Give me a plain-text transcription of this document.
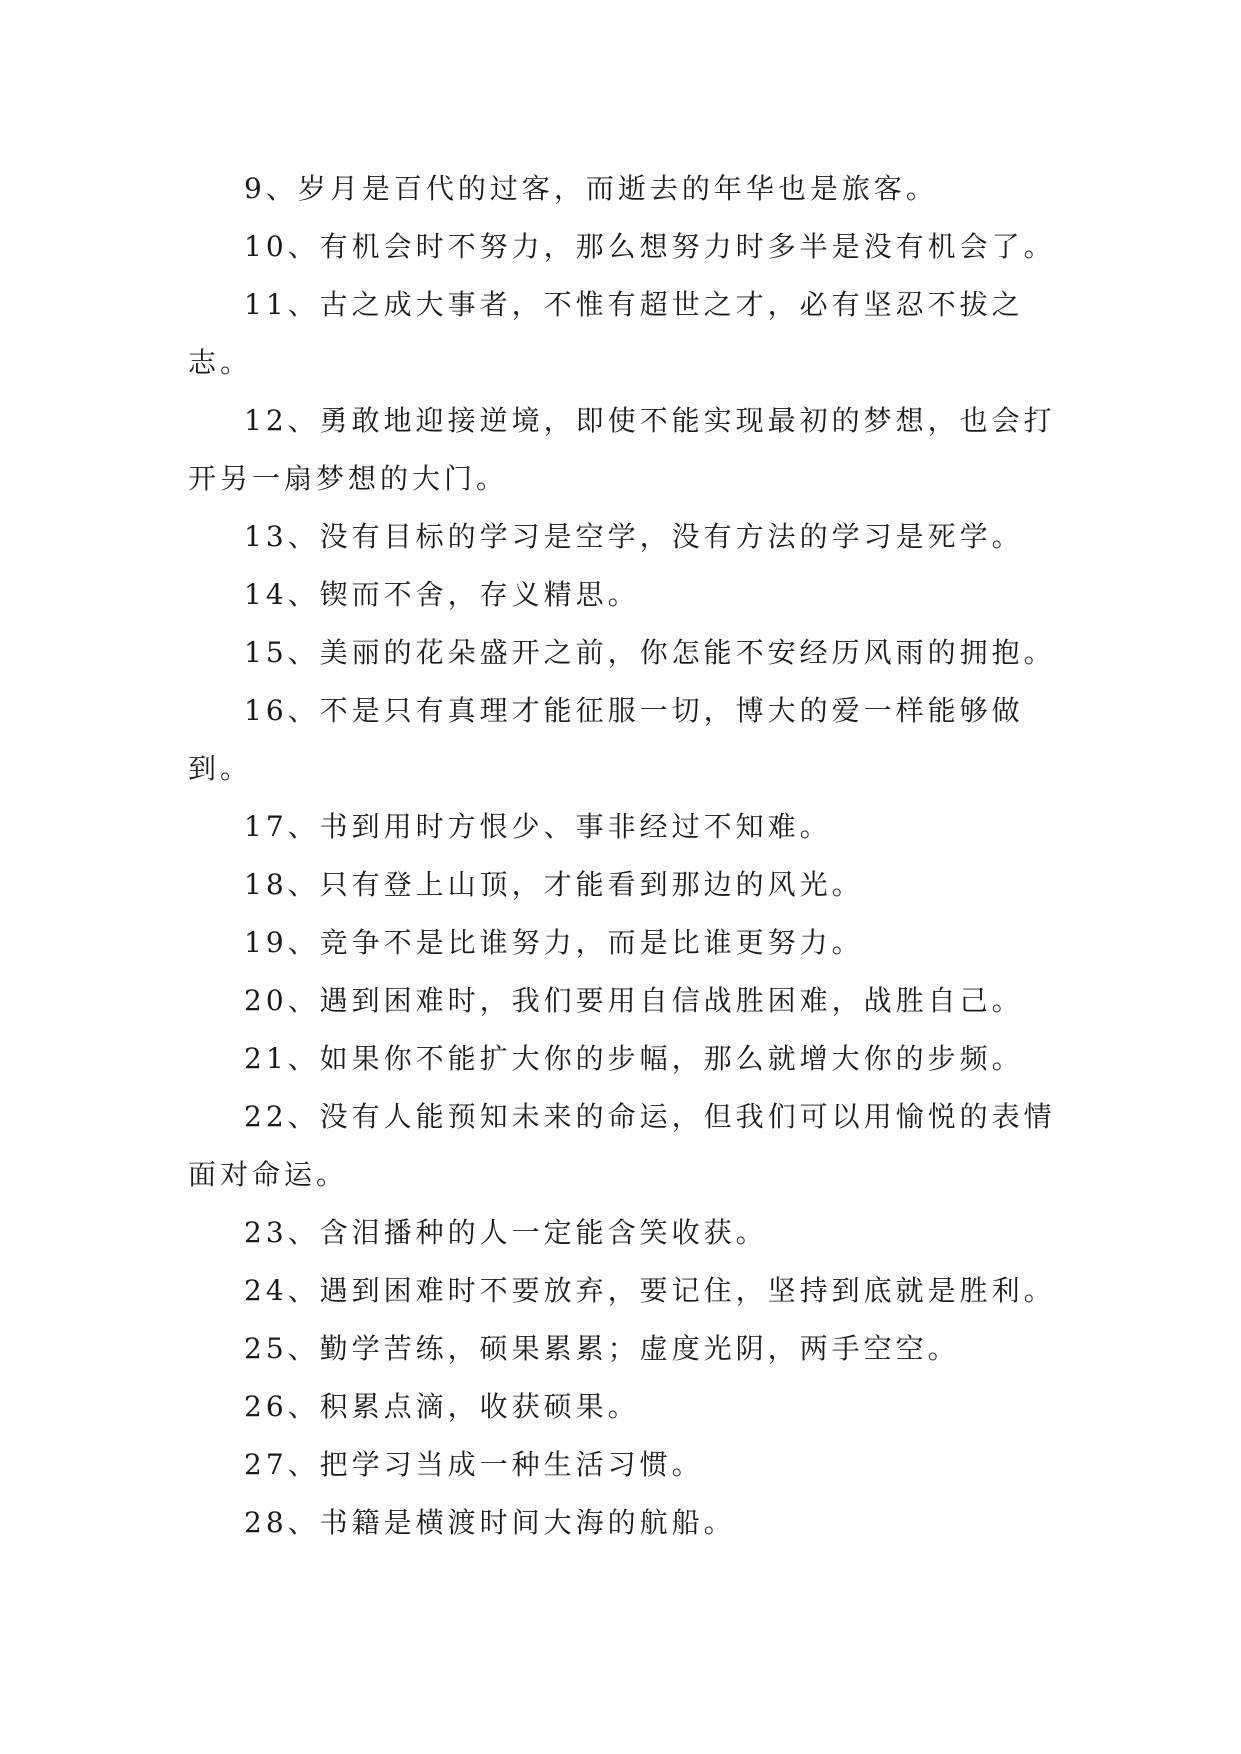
9、岁月是百代的过客，而逝去的年华也是旅客。

10、有机会时不努力，那么想努力时多半是没有机会了。

11、古之成大事者，不惟有超世之才，必有坚忍不拔之志。

12、勇敢地迎接逆境，即使不能实现最初的梦想，也会打开另一扇梦想的大门。

13、没有目标的学习是空学，没有方法的学习是死学。

14、锲而不舍，存义精思。

15、美丽的花朵盛开之前，你怎能不安经历风雨的拥抱。

16、不是只有真理才能征服一切，博大的爱一样能够做到。

17、书到用时方恨少、事非经过不知难。

18、只有登上山顶，才能看到那边的风光。

19、竞争不是比谁努力，而是比谁更努力。

20、遇到困难时，我们要用自信战胜困难，战胜自己。

21、如果你不能扩大你的步幅，那么就增大你的步频。

22、没有人能预知未来的命运，但我们可以用愉悦的表情面对命运。

23、含泪播种的人一定能含笑收获。

24、遇到困难时不要放弃，要记住，坚持到底就是胜利。

25、勤学苦练，硕果累累；虚度光阴，两手空空。

26、积累点滴，收获硕果。

27、把学习当成一种生活习惯。

28、书籍是横渡时间大海的航船。
